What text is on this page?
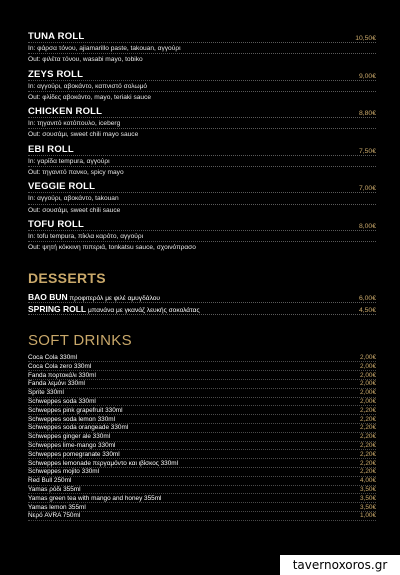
TUNA ROLL	10,50€
In: φάρσα τόνου, ajiamarillo paste, takouan, αγγούρι
Out: φιλέτα τόνου, wasabi mayo, tobiko
ZEYS ROLL	9,00€
In: αγγούρι, αβοκάντο, καπνιστό σολωμό
Out: φλίδες αβοκάντο, mayo, teriaki sauce
CHICKEN ROLL	8,80€
In: τηγανιτό κοτόπουλο, iceberg
Out: σουσάμι, sweet chili mayo sauce
EBI ROLL	7,50€
In: γαρίδα tempura, αγγούρι
Out: τηγανιτό πανκο, spicy mayo
VEGGIE ROLL	7,00€
In: αγγούρι, αβοκάντο, takouan
Out: σουσάμι, sweet chili sauce
TOFU ROLL	8,00€
In: tofu tempura, πίκλα καρότο, αγγούρι
Out: ψητή κόκκινη πιπεριά, tonkatsu sauce, σχοινόπρασο
DESSERTS
BAO BUN προφιτερόλ με φιλέ αμυγδάλου	6,00€
SPRING ROLL μπανάνα με γκανάζ λευκής σοκολάτας	4,50€
SOFT DRINKS
Coca Cola 330ml	2,00€
Coca Cola zero 330ml	2,00€
Fanda πορτοκάλι 330ml	2,00€
Fanda λεμόνι 330ml	2,00€
Sprite 330ml	2,00€
Schweppes soda 330ml	2,00€
Schweppes pink grapefruit 330ml	2,20€
Schweppes soda lemon 330ml	2,20€
Schweppes soda orangeade 330ml	2,20€
Schweppes ginger ale 330ml	2,20€
Schweppes lime-mango 330ml	2,20€
Schweppes pomegranate 330ml	2,20€
Schweppes lemonade περγαμόντο και ιβίσκος 330ml	2,20€
Schweppes mojito 330ml	2,20€
Red Bull 250ml	4,00€
Yamas ρόδι 355ml	3,50€
Yamas green tea with mango and honey 355ml	3,50€
Yamas lemon 355ml	3,50€
Νερό AVRA 750ml	1,00€
tavernoxoros.gr
